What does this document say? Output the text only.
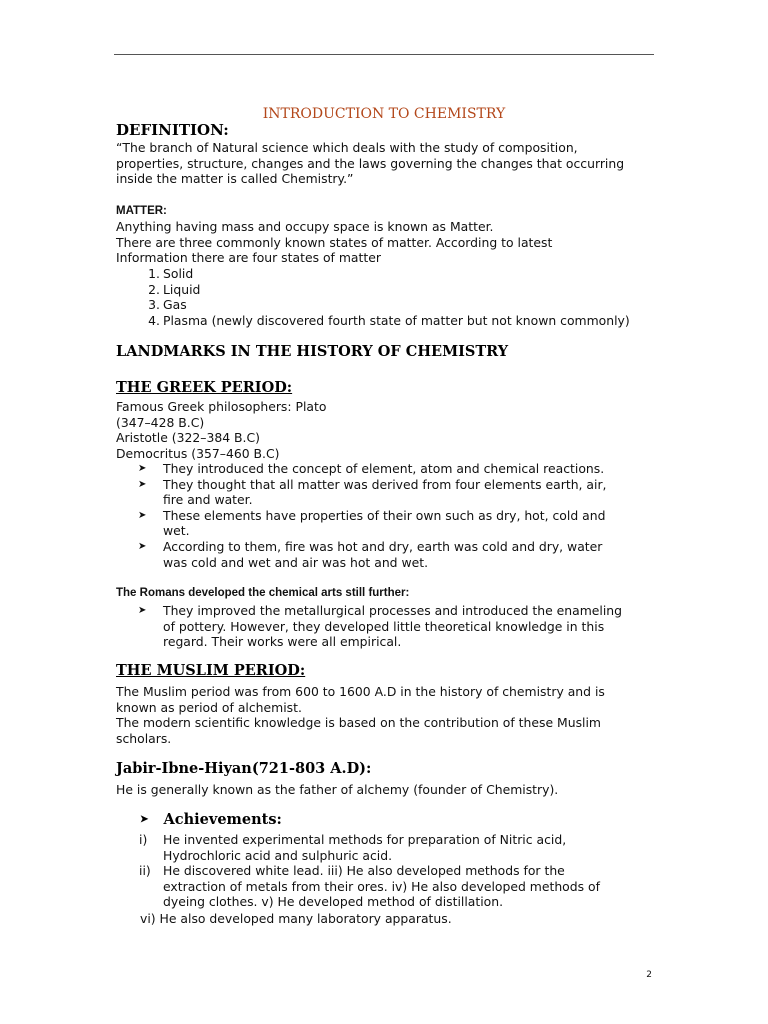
INTRODUCTION TO CHEMISTRY
DEFINITION:
“The branch of Natural science which deals with the study of composition,
properties, structure, changes and the laws governing the changes that occurring
inside the matter is called Chemistry.”
MATTER:
Anything having mass and occupy space is known as Matter.
There are three commonly known states of matter. According to latest
Information there are four states of matter
1. Solid
2. Liquid
3. Gas
4. Plasma (newly discovered fourth state of matter but not known commonly)
LANDMARKS IN THE HISTORY OF CHEMISTRY
THE GREEK PERIOD:
Famous Greek philosophers: Plato
(347–428 B.C)
Aristotle (322–384 B.C)
Democritus (357–460 B.C)
➤ They introduced the concept of element, atom and chemical reactions.
➤ They thought that all matter was derived from four elements earth, air,
fire and water.
➤ These elements have properties of their own such as dry, hot, cold and
wet.
➤ According to them, fire was hot and dry, earth was cold and dry, water
was cold and wet and air was hot and wet.
The Romans developed the chemical arts still further:
➤ They improved the metallurgical processes and introduced the enameling
of pottery. However, they developed little theoretical knowledge in this
regard. Their works were all empirical.
THE MUSLIM PERIOD:
The Muslim period was from 600 to 1600 A.D in the history of chemistry and is
known as period of alchemist.
The modern scientific knowledge is based on the contribution of these Muslim
scholars.
Jabir-Ibne-Hiyan(721-803 A.D):
He is generally known as the father of alchemy (founder of Chemistry).
➤ Achievements:
i) He invented experimental methods for preparation of Nitric acid,
Hydrochloric acid and sulphuric acid.
ii) He discovered white lead. iii) He also developed methods for the
extraction of metals from their ores. iv) He also developed methods of
dyeing clothes. v) He developed method of distillation.
vi) He also developed many laboratory apparatus.
2
